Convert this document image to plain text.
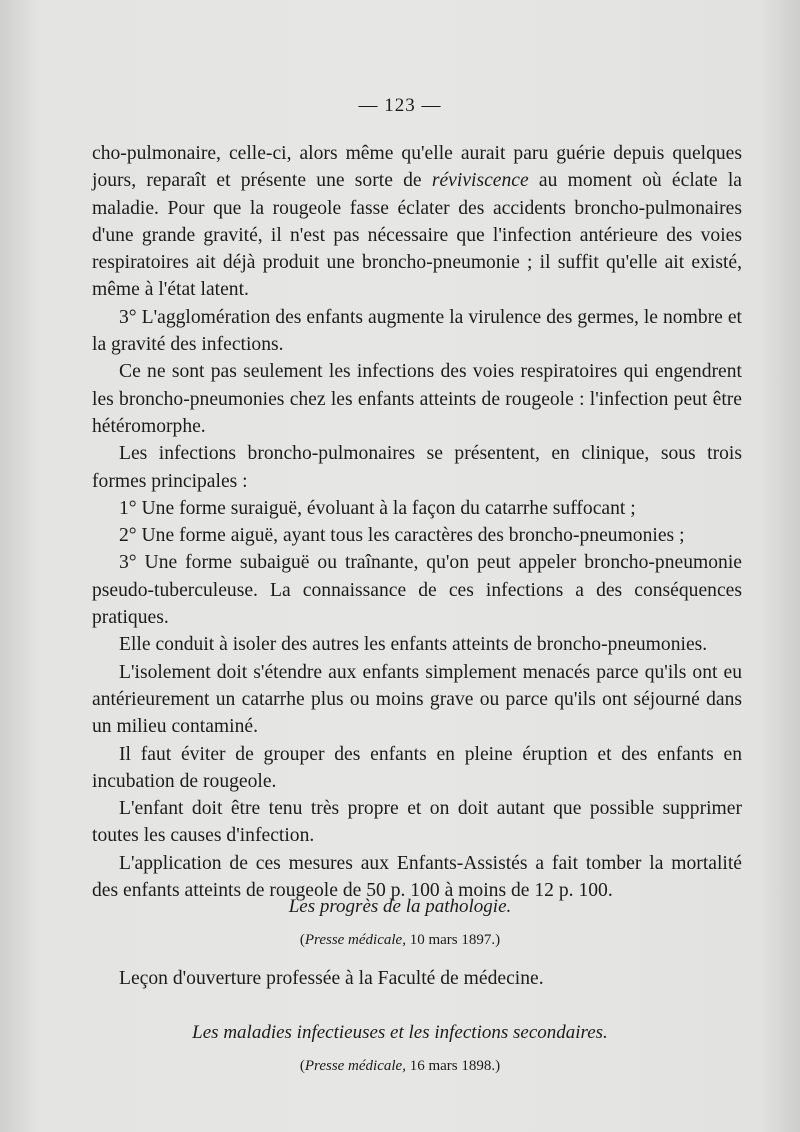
— 123 —

cho-pulmonaire, celle-ci, alors même qu'elle aurait paru guérie depuis quelques jours, reparaît et présente une sorte de réviviscence au moment où éclate la maladie. Pour que la rougeole fasse éclater des accidents broncho-pulmonaires d'une grande gravité, il n'est pas nécessaire que l'infection antérieure des voies respiratoires ait déjà produit une broncho-pneumonie ; il suffit qu'elle ait existé, même à l'état latent.

3° L'agglomération des enfants augmente la virulence des germes, le nombre et la gravité des infections.

Ce ne sont pas seulement les infections des voies respiratoires qui engendrent les broncho-pneumonies chez les enfants atteints de rougeole : l'infection peut être hétéromorphe.

Les infections broncho-pulmonaires se présentent, en clinique, sous trois formes principales :

1° Une forme suraiguë, évoluant à la façon du catarrhe suffocant ;

2° Une forme aiguë, ayant tous les caractères des broncho-pneumonies ;

3° Une forme subaiguë ou traînante, qu'on peut appeler broncho-pneumonie pseudo-tuberculeuse. La connaissance de ces infections a des conséquences pratiques.

Elle conduit à isoler des autres les enfants atteints de broncho-pneumonies.

L'isolement doit s'étendre aux enfants simplement menacés parce qu'ils ont eu antérieurement un catarrhe plus ou moins grave ou parce qu'ils ont séjourné dans un milieu contaminé.

Il faut éviter de grouper des enfants en pleine éruption et des enfants en incubation de rougeole.

L'enfant doit être tenu très propre et on doit autant que possible supprimer toutes les causes d'infection.

L'application de ces mesures aux Enfants-Assistés a fait tomber la mortalité des enfants atteints de rougeole de 50 p. 100 à moins de 12 p. 100.

Les progrès de la pathologie.
(Presse médicale, 10 mars 1897.)
Leçon d'ouverture professée à la Faculté de médecine.
Les maladies infectieuses et les infections secondaires.
(Presse médicale, 16 mars 1898.)
